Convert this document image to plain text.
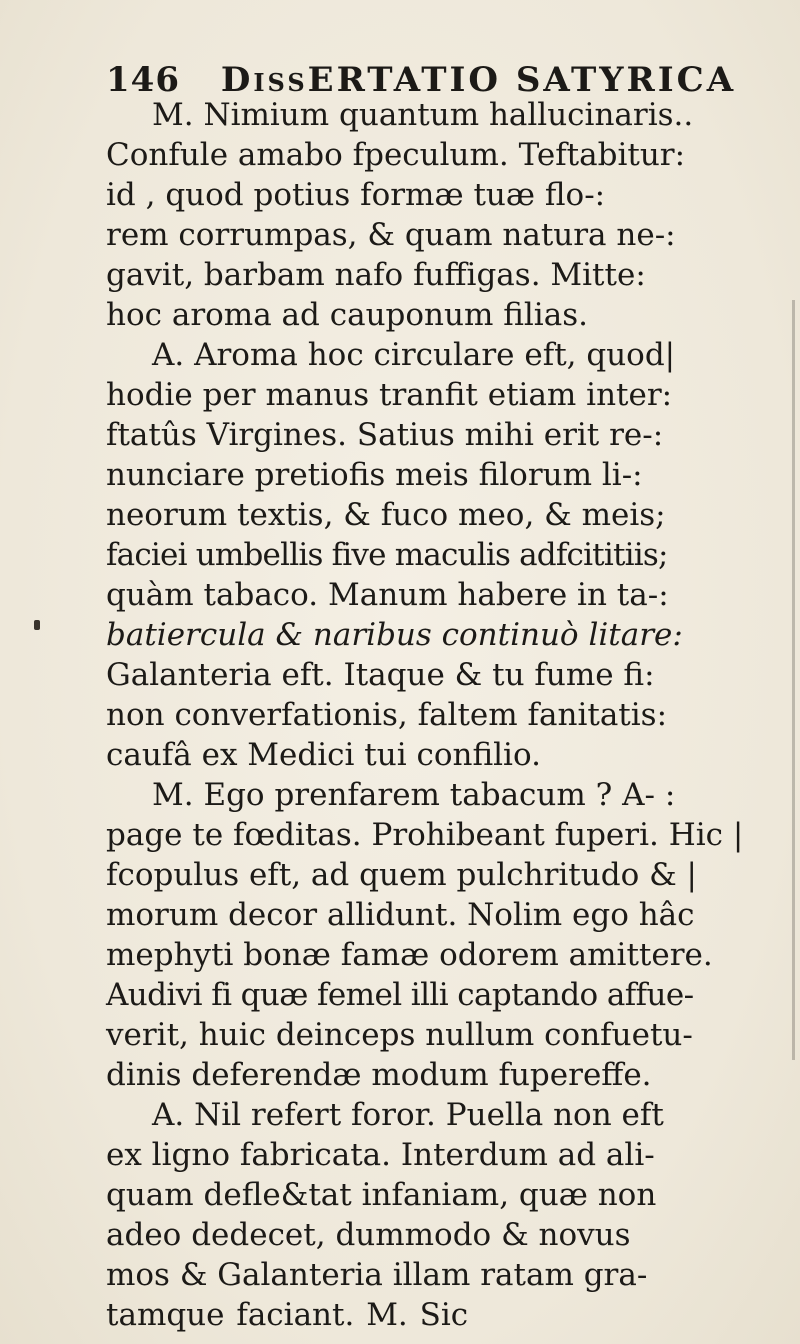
146 DissERTATIO SATYRICA
M. Nimium quantum hallucinaris..
Confule amabo fpeculum. Teftabitur:
id , quod potius formæ tuæ flo-:
rem corrumpas, & quam natura ne-:
gavit, barbam nafo fuffigas. Mitte:
hoc aroma ad cauponum filias.
A. Aroma hoc circulare eft, quod|
hodie per manus tranfit etiam inter:
ftatûs Virgines. Satius mihi erit re-:
nunciare pretiofis meis filorum li-:
neorum textis, & fuco meo, & meis;
faciei umbellis five maculis adfcititiis;
quàm tabaco. Manum habere in ta-:
batiercula & naribus continuò litare:
Galanteria eft. Itaque & tu fume fi:
non converfationis, faltem fanitatis:
caufâ ex Medici tui confilio.
M. Ego prenfarem tabacum ? A- :
page te fœditas. Prohibeant fuperi. Hic |
fcopulus eft, ad quem pulchritudo & |
morum decor allidunt. Nolim ego hâc
mephyti bonæ famæ odorem amittere.
Audivi fi quæ femel illi captando affue-
verit, huic deinceps nullum confuetu-
dinis deferendæ modum fupereffe.
A. Nil refert foror. Puella non eft
ex ligno fabricata. Interdum ad ali-
quam defle&tat infaniam, quæ non
adeo dedecet, dummodo & novus
mos & Galanteria illam ratam gra-
tamque faciant. M. Sic
